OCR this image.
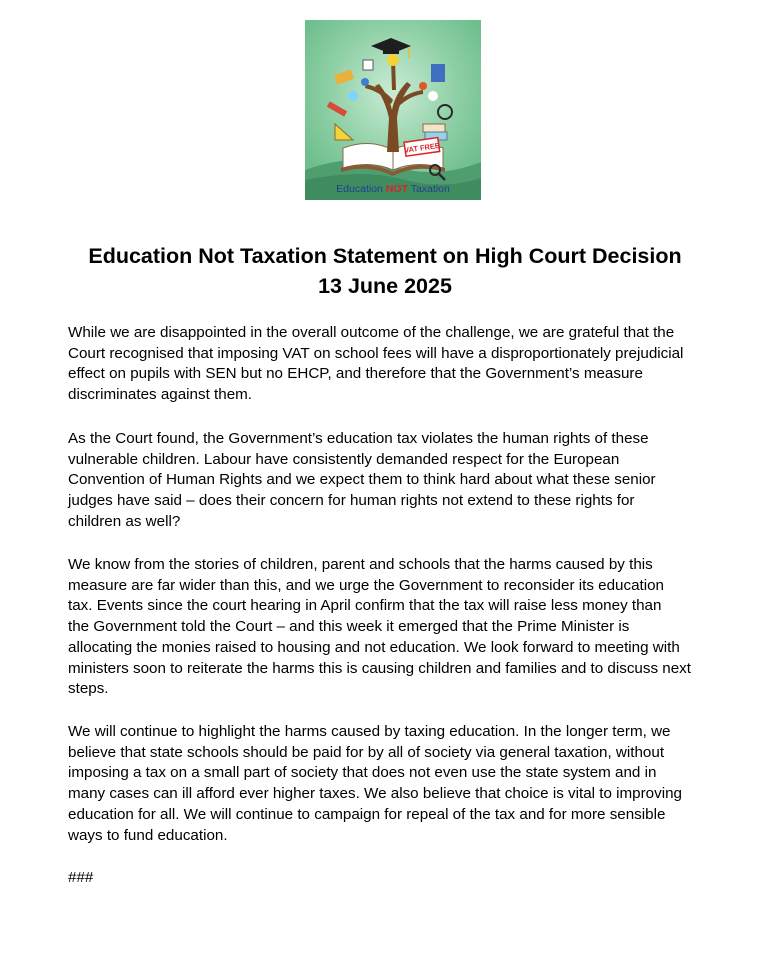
VAT FREE
Education NOT Taxation
Education Not Taxation Statement on High Court Decision
13 June 2025

While we are disappointed in the overall outcome of the challenge, we are grateful that the
Court recognised that imposing VAT on school fees will have a disproportionately prejudicial
effect on pupils with SEN but no EHCP, and therefore that the Government’s measure
discriminates against them.

As the Court found, the Government’s education tax violates the human rights of these
vulnerable children. Labour have consistently demanded respect for the European
Convention of Human Rights and we expect them to think hard about what these senior
judges have said – does their concern for human rights not extend to these rights for
children as well?

We know from the stories of children, parent and schools that the harms caused by this
measure are far wider than this, and we urge the Government to reconsider its education
tax. Events since the court hearing in April confirm that the tax will raise less money than
the Government told the Court – and this week it emerged that the Prime Minister is
allocating the monies raised to housing and not education. We look forward to meeting with
ministers soon to reiterate the harms this is causing children and families and to discuss next
steps.

We will continue to highlight the harms caused by taxing education. In the longer term, we
believe that state schools should be paid for by all of society via general taxation, without
imposing a tax on a small part of society that does not even use the state system and in
many cases can ill afford ever higher taxes. We also believe that choice is vital to improving
education for all. We will continue to campaign for repeal of the tax and for more sensible
ways to fund education.

###
